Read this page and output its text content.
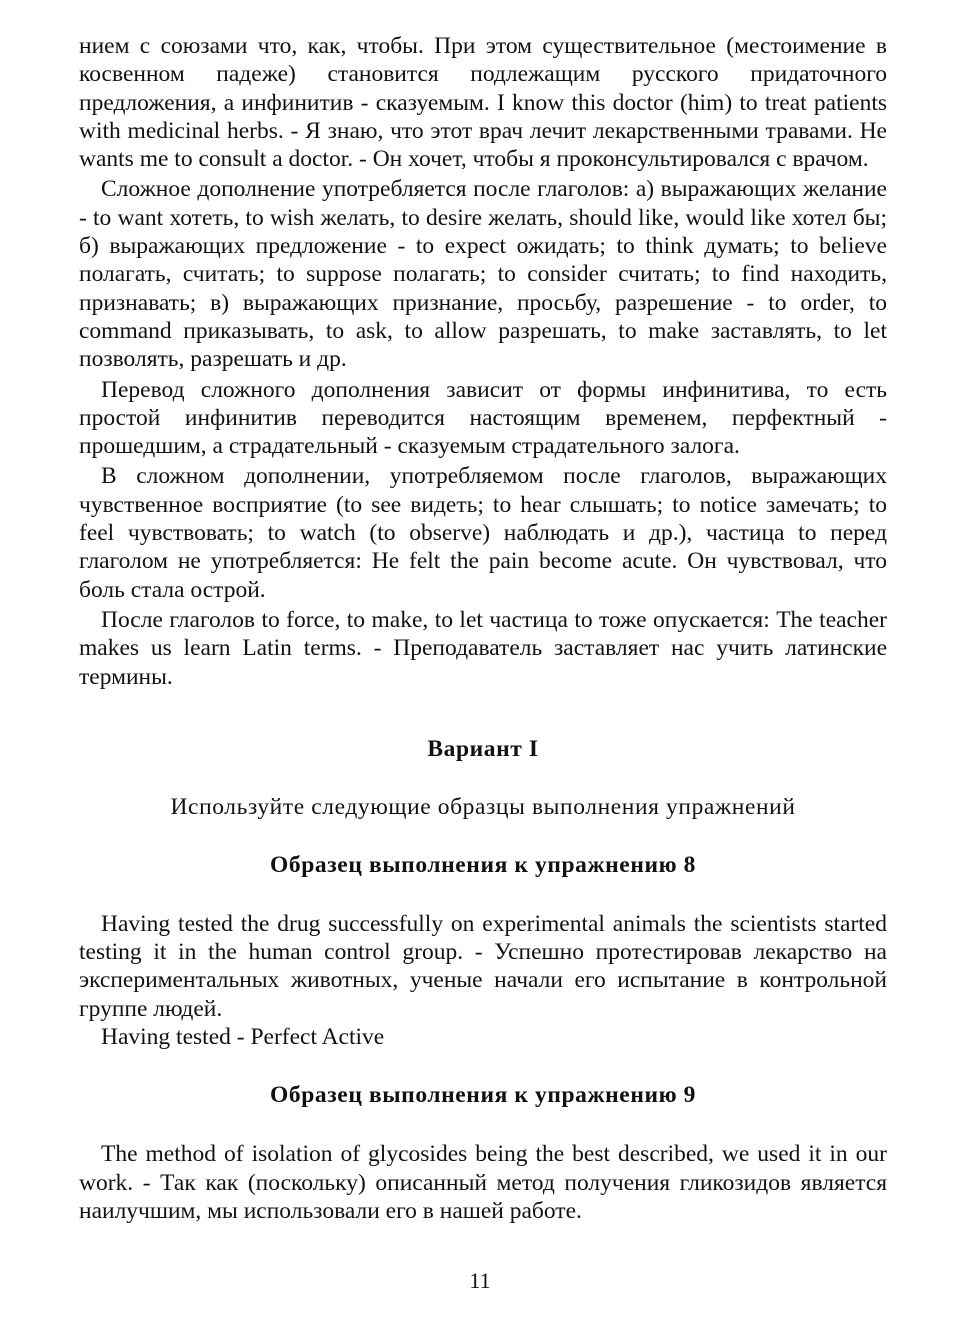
нием с союзами что, как, чтобы. При этом существительное (местоимение в косвенном падеже) становится подлежащим русского придаточного предложения, а инфинитив - сказуемым. I know this doctor (him) to treat patients with medicinal herbs. - Я знаю, что этот врач лечит лекарственными травами. He wants me to consult a doctor. - Он хочет, чтобы я проконсультировался с врачом.

Сложное дополнение употребляется после глаголов: а) выражающих желание - to want хотеть, to wish желать, to desire желать, should like, would like хотел бы; б) выражающих предложение - to expect ожидать; to think думать; to believe полагать, считать; to suppose полагать; to consider считать; to find находить, признавать; в) выражающих признание, просьбу, разрешение - to order, to command приказывать, to ask, to allow разрешать, to make заставлять, to let позволять, разрешать и др.

Перевод сложного дополнения зависит от формы инфинитива, то есть простой инфинитив переводится настоящим временем, перфектный - прошедшим, а страдательный - сказуемым страдательного залога.

В сложном дополнении, употребляемом после глаголов, выражающих чувственное восприятие (to see видеть; to hear слышать; to notice замечать; to feel чувствовать; to watch (to observe) наблюдать и др.), частица to перед глаголом не употребляется: He felt the pain become acute. Он чувствовал, что боль стала острой.

После глаголов to force, to make, to let частица to тоже опускается: The teacher makes us learn Latin terms. - Преподаватель заставляет нас учить латинские термины.

Вариант I

Используйте следующие образцы выполнения упражнений

Образец выполнения к упражнению 8

Having tested the drug successfully on experimental animals the scientists started testing it in the human control group. - Успешно протестировав лекарство на экспериментальных животных, ученые начали его испытание в контрольной группе людей.

Having tested - Perfect Active

Образец выполнения к упражнению 9

The method of isolation of glycosides being the best described, we used it in our work. - Так как (поскольку) описанный метод получения гликозидов является наилучшим, мы использовали его в нашей работе.

11
